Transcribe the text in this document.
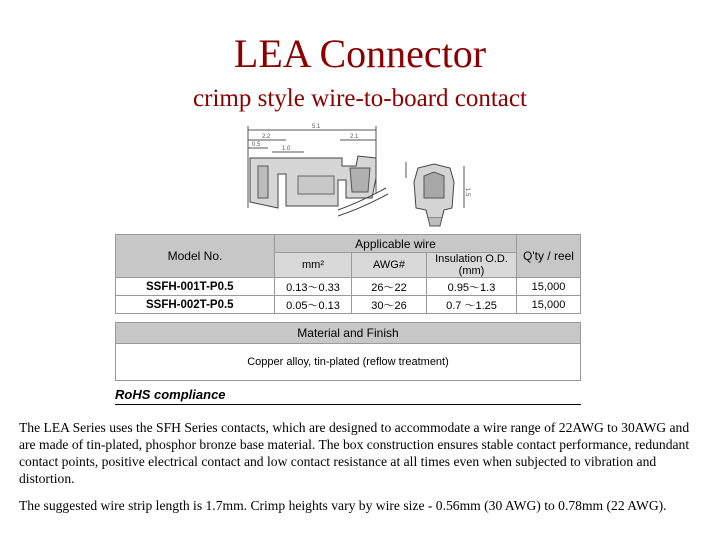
LEA Connector
crimp style wire-to-board contact
5.1
2.2	2.1
0.5
1.0
1.5
Model No.	Applicable wire			Q'ty / reel
	mm²	AWG#	Insulation O.D. (mm)	
SSFH-001T-P0.5	0.13～0.33	26～22	0.95～1.3	15,000
SSFH-002T-P0.5	0.05～0.13	30～26	0.7 ～1.25	15,000
Material and Finish
Copper alloy, tin-plated (reflow treatment)
RoHS compliance

The LEA Series uses the SFH Series contacts, which are designed to accommodate a wire range of 22AWG to 30AWG and are made of tin-plated, phosphor bronze base material. The box construction ensures stable contact performance, redundant contact points, positive electrical contact and low contact resistance at all times even when subjected to vibration and distortion.

The suggested wire strip length is 1.7mm. Crimp heights vary by wire size - 0.56mm (30 AWG) to 0.78mm (22 AWG).
